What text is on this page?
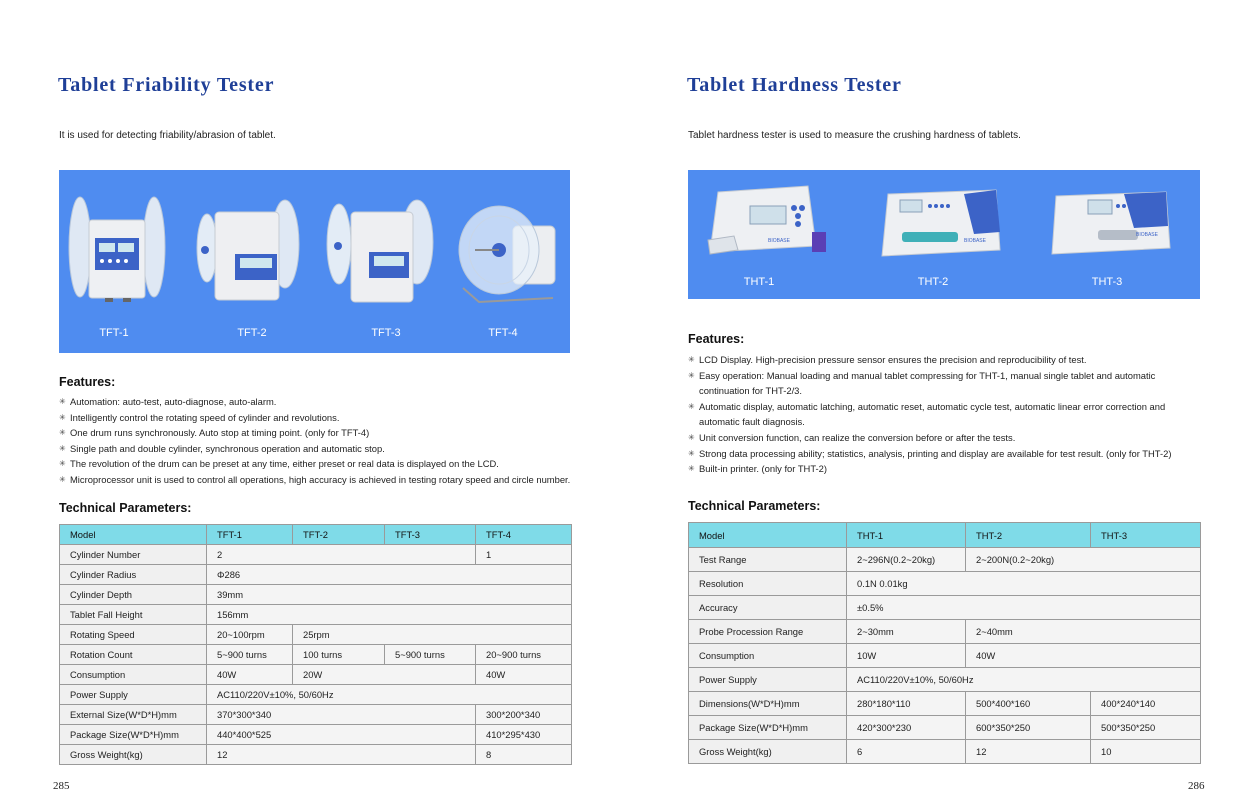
Tablet Friability Tester

It is used for detecting friability/abrasion of tablet.

TFT-1	TFT-2	TFT-3	TFT-4
Features:
✳ Automation: auto-test, auto-diagnose, auto-alarm.
✳ Intelligently control the rotating speed of cylinder and revolutions.
✳ One drum runs synchronously. Auto stop at timing point. (only for TFT-4)
✳ Single path and double cylinder, synchronous operation and automatic stop.
✳ The revolution of the drum can be preset at any time, either preset or real data is displayed on the LCD.
✳ Microprocessor unit is used to control all operations, high accuracy is achieved in testing rotary speed and circle number.
Technical Parameters:
Model	TFT-1	TFT-2	TFT-3	TFT-4
Cylinder Number	2			1
Cylinder Radius	Φ286			
Cylinder Depth	39mm			
Tablet Fall Height	156mm			
Rotating Speed	20~100rpm	25rpm		
Rotation Count	5~900 turns	100 turns	5~900 turns	20~900 turns
Consumption	40W	20W		40W
Power Supply	AC110/220V±10%, 50/60Hz			
External Size(W*D*H)mm	370*300*340			300*200*340
Package Size(W*D*H)mm	440*400*525			410*295*430
Gross Weight(kg)	12			8

285

Tablet Hardness Tester

Tablet hardness tester is used to measure the crushing hardness of tablets.

BIOBASE	BIOBASE
BIOBASE
THT-1	THT-2	THT-3
Features:
✳ LCD Display. High-precision pressure sensor ensures the precision and reproducibility of test.
✳ Easy operation: Manual loading and manual tablet compressing for THT-1, manual single tablet and automatic continuation for THT-2/3.
✳ Automatic display, automatic latching, automatic reset, automatic cycle test, automatic linear error correction and automatic fault diagnosis.
✳ Unit conversion function, can realize the conversion before or after the tests.
✳ Strong data processing ability; statistics, analysis, printing and display are available for test result. (only for THT-2)
✳ Built-in printer. (only for THT-2)
Technical Parameters:
Model	THT-1	THT-2	THT-3
Test Range	2~296N(0.2~20kg)	2~200N(0.2~20kg)	
Resolution	0.1N 0.01kg		
Accuracy	±0.5%		
Probe Procession Range	2~30mm	2~40mm	
Consumption	10W	40W	
Power Supply	AC110/220V±10%, 50/60Hz		
Dimensions(W*D*H)mm	280*180*110	500*400*160	400*240*140
Package Size(W*D*H)mm	420*300*230	600*350*250	500*350*250
Gross Weight(kg)	6	12	10

286
